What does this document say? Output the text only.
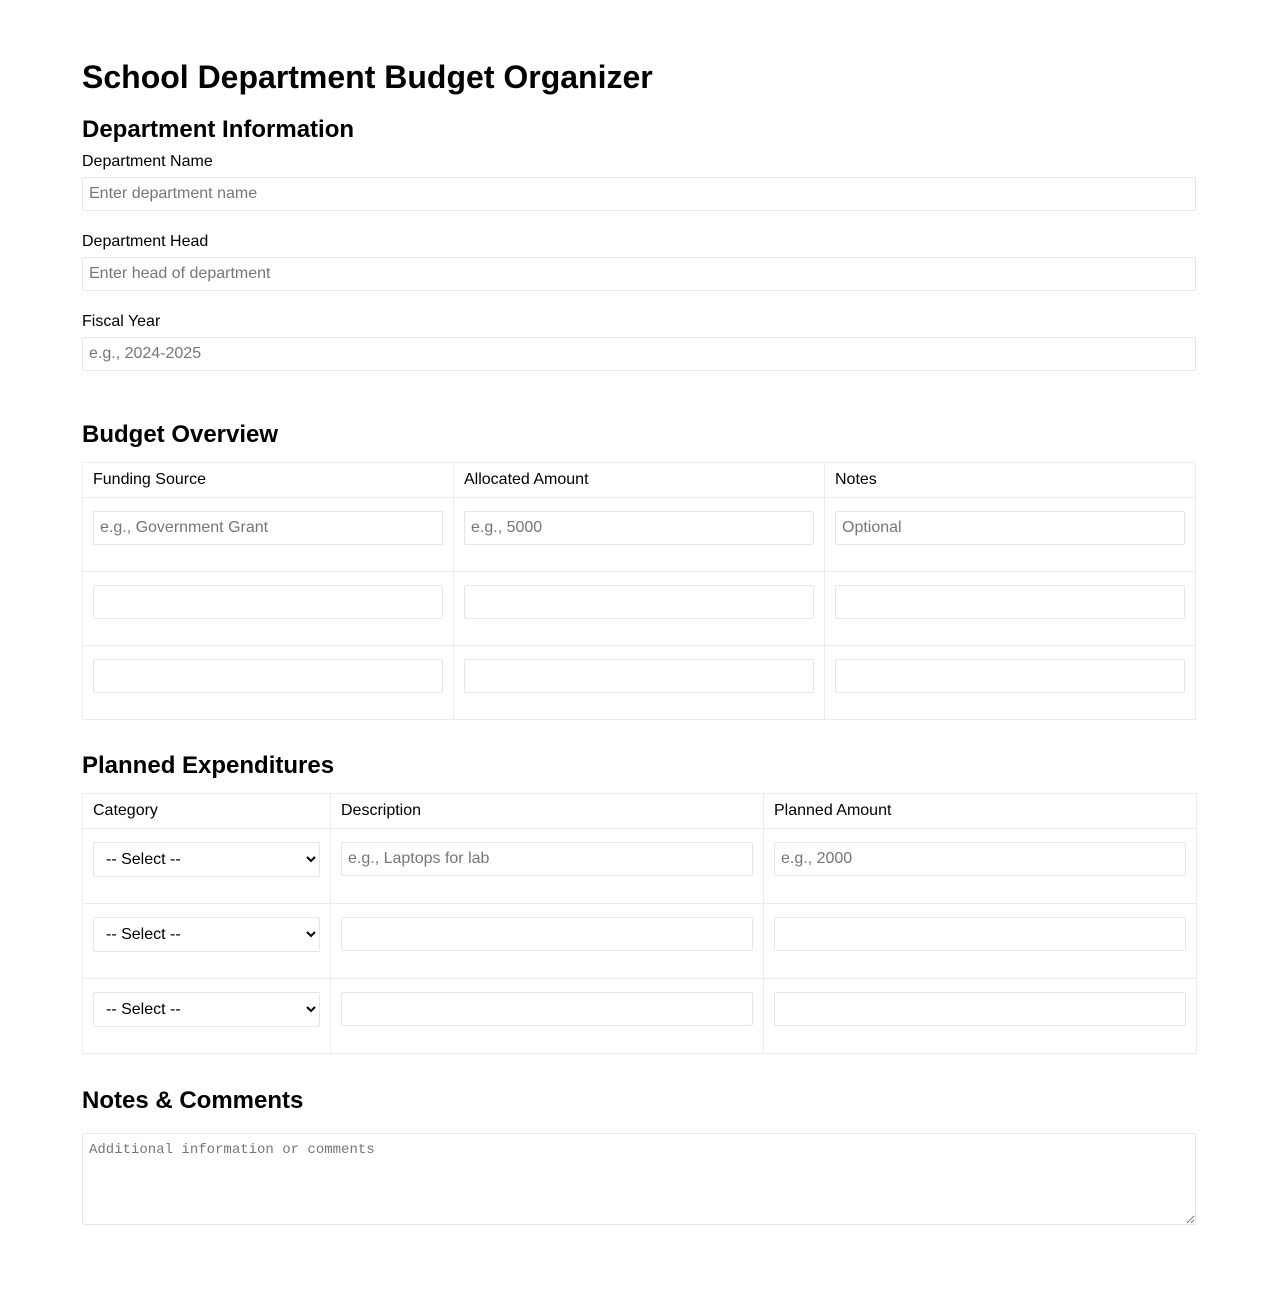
School Department Budget Organizer
Department Information
Department Name
Enter department name
Department Head
Enter head of department
Fiscal Year
e.g., 2024-2025
Budget Overview
Funding Source	Allocated Amount	Notes
e.g., Government Grant	e.g., 5000	Optional

Planned Expenditures
Category	Description	Planned Amount

-- Select --	e.g., Laptops for lab	e.g., 2000

-- Select --		

-- Select --		
Notes & Comments
Additional information or comments
